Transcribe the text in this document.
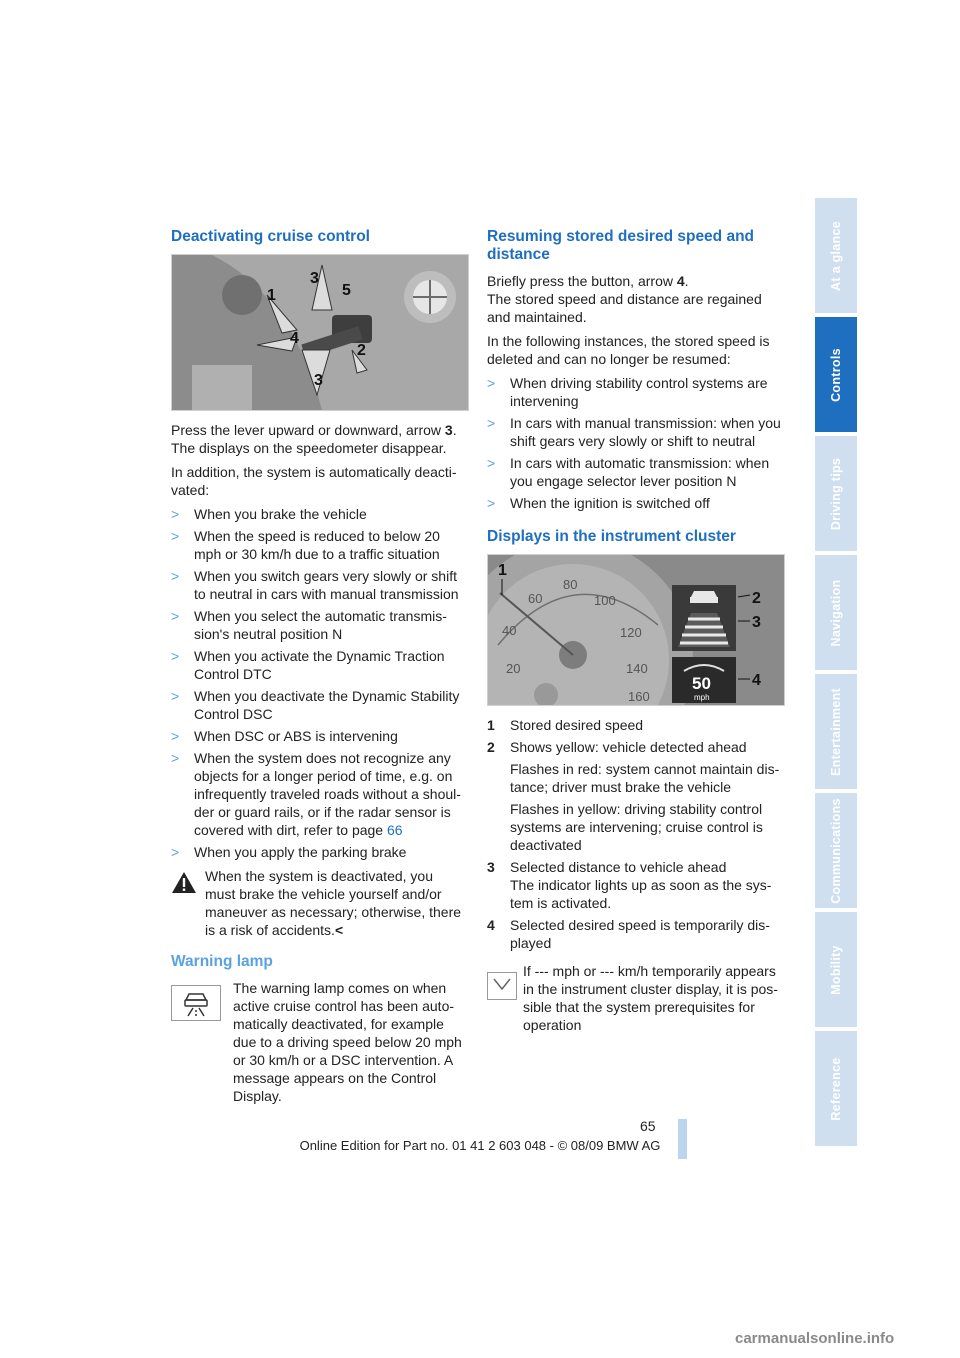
Deactivating cruise control
1
2
3
3
4
5

Press the lever upward or downward, arrow 3.
The displays on the speedometer disappear.

In addition, the system is automatically deacti-vated:

> When you brake the vehicle
> When the speed is reduced to below 20 mph or 30 km/h due to a traffic situation
> When you switch gears very slowly or shift to neutral in cars with manual transmission
> When you select the automatic transmis-sion's neutral position N
> When you activate the Dynamic Traction Control DTC
> When you deactivate the Dynamic Stability Control DSC
> When DSC or ABS is intervening
> When the system does not recognize any objects for a longer period of time, e.g. on infrequently traveled roads without a shoul-der or guard rails, or if the radar sensor is covered with dirt, refer to page 66
> When you apply the parking brake
When the system is deactivated, you must brake the vehicle yourself and/or maneuver as necessary; otherwise, there is a risk of accidents.<
Warning lamp
The warning lamp comes on when active cruise control has been auto-matically deactivated, for example due to a driving speed below 20 mph or 30 km/h or a DSC intervention. A message appears on the Control Display.
Resuming stored desired speed and distance

Briefly press the button, arrow 4.
The stored speed and distance are regained and maintained.

In the following instances, the stored speed is deleted and can no longer be resumed:

> When driving stability control systems are intervening
> In cars with manual transmission: when you shift gears very slowly or shift to neutral
> In cars with automatic transmission: when you engage selector lever position N
> When the ignition is switched off
Displays in the instrument cluster
20
40
60
80
100
120
140
160
50
mph
1
2
3
4
1 Stored desired speed
2 Shows yellow: vehicle detected ahead
Flashes in red: system cannot maintain dis-tance; driver must brake the vehicle
Flashes in yellow: driving stability control systems are intervening; cruise control is deactivated
3 Selected distance to vehicle ahead
The indicator lights up as soon as the sys-tem is activated.
4 Selected desired speed is temporarily dis-played
If --- mph or --- km/h temporarily appears in the instrument cluster display, it is pos-sible that the system prerequisites for operation
At a glance
Controls
Driving tips
Navigation
Entertainment
Communications
Mobility
Reference
65
Online Edition for Part no. 01 41 2 603 048 - © 08/09 BMW AG
carmanualsonline.info
